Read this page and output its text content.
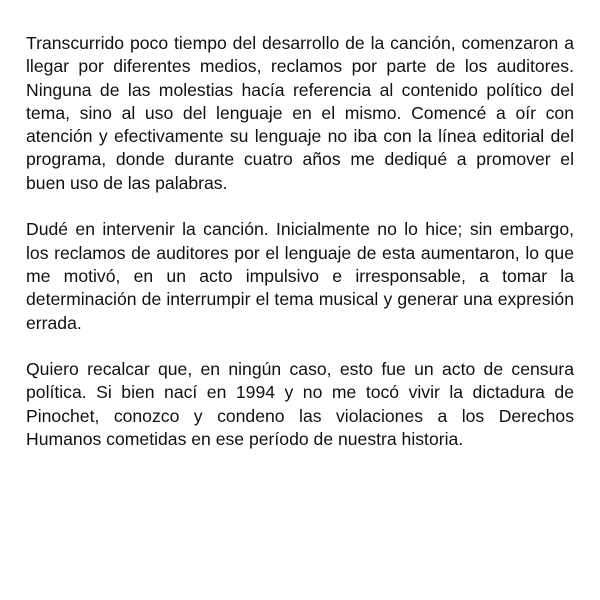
Transcurrido poco tiempo del desarrollo de la canción, comenzaron a llegar por diferentes medios, reclamos por parte de los auditores. Ninguna de las molestias hacía referencia al contenido político del tema, sino al uso del lenguaje en el mismo. Comencé a oír con atención y efectivamente su lenguaje no iba con la línea editorial del programa, donde durante cuatro años me dediqué a promover el buen uso de las palabras.

Dudé en intervenir la canción. Inicialmente no lo hice; sin embargo, los reclamos de auditores por el lenguaje de esta aumentaron, lo que me motivó, en un acto impulsivo e irresponsable, a tomar la determinación de interrumpir el tema musical y generar una expresión errada.

Quiero recalcar que, en ningún caso, esto fue un acto de censura política. Si bien nací en 1994 y no me tocó vivir la dictadura de Pinochet, conozco y condeno las violaciones a los Derechos Humanos cometidas en ese período de nuestra historia.
